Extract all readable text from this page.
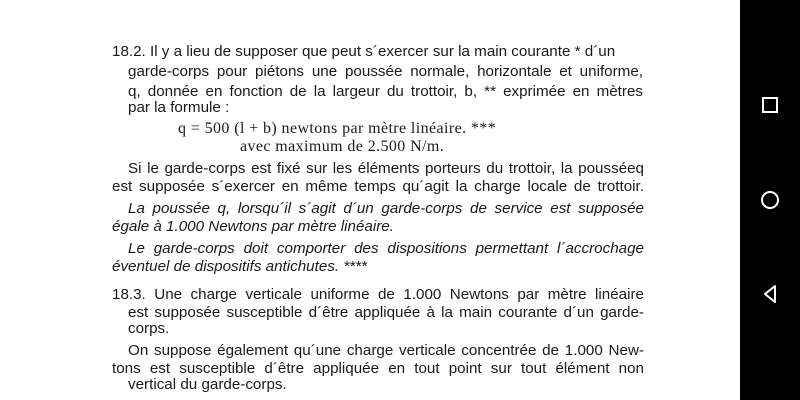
18.2. Il y a lieu de supposer que peut s´exercer sur la main courante * d´un
garde-corps pour piétons une poussée normale, horizontale et uniforme,
q, donnée en fonction de la largeur du trottoir, b, ** exprimée en mètres
par la formule :
q = 500 (l + b) newtons par mètre linéaire. ***
avec maximum de 2.500 N/m.
Si le garde-corps est fixé sur les éléments porteurs du trottoir, la pousséeq
est supposée s´exercer en même temps qu´agit la charge locale de trottoir.
La poussée q, lorsqu´il s´agit d´un garde-corps de service est supposée
égale à 1.000 Newtons par mètre linéaire.
Le garde-corps doit comporter des dispositions permettant l´accrochage
éventuel de dispositifs antichutes. ****
18.3. Une charge verticale uniforme de 1.000 Newtons par mètre linéaire
est supposée susceptible d´être appliquée à la main courante d´un garde-
corps.
On suppose également qu´une charge verticale concentrée de 1.000 New-
tons est susceptible d´être appliquée en tout point sur tout élément non
vertical du garde-corps.
